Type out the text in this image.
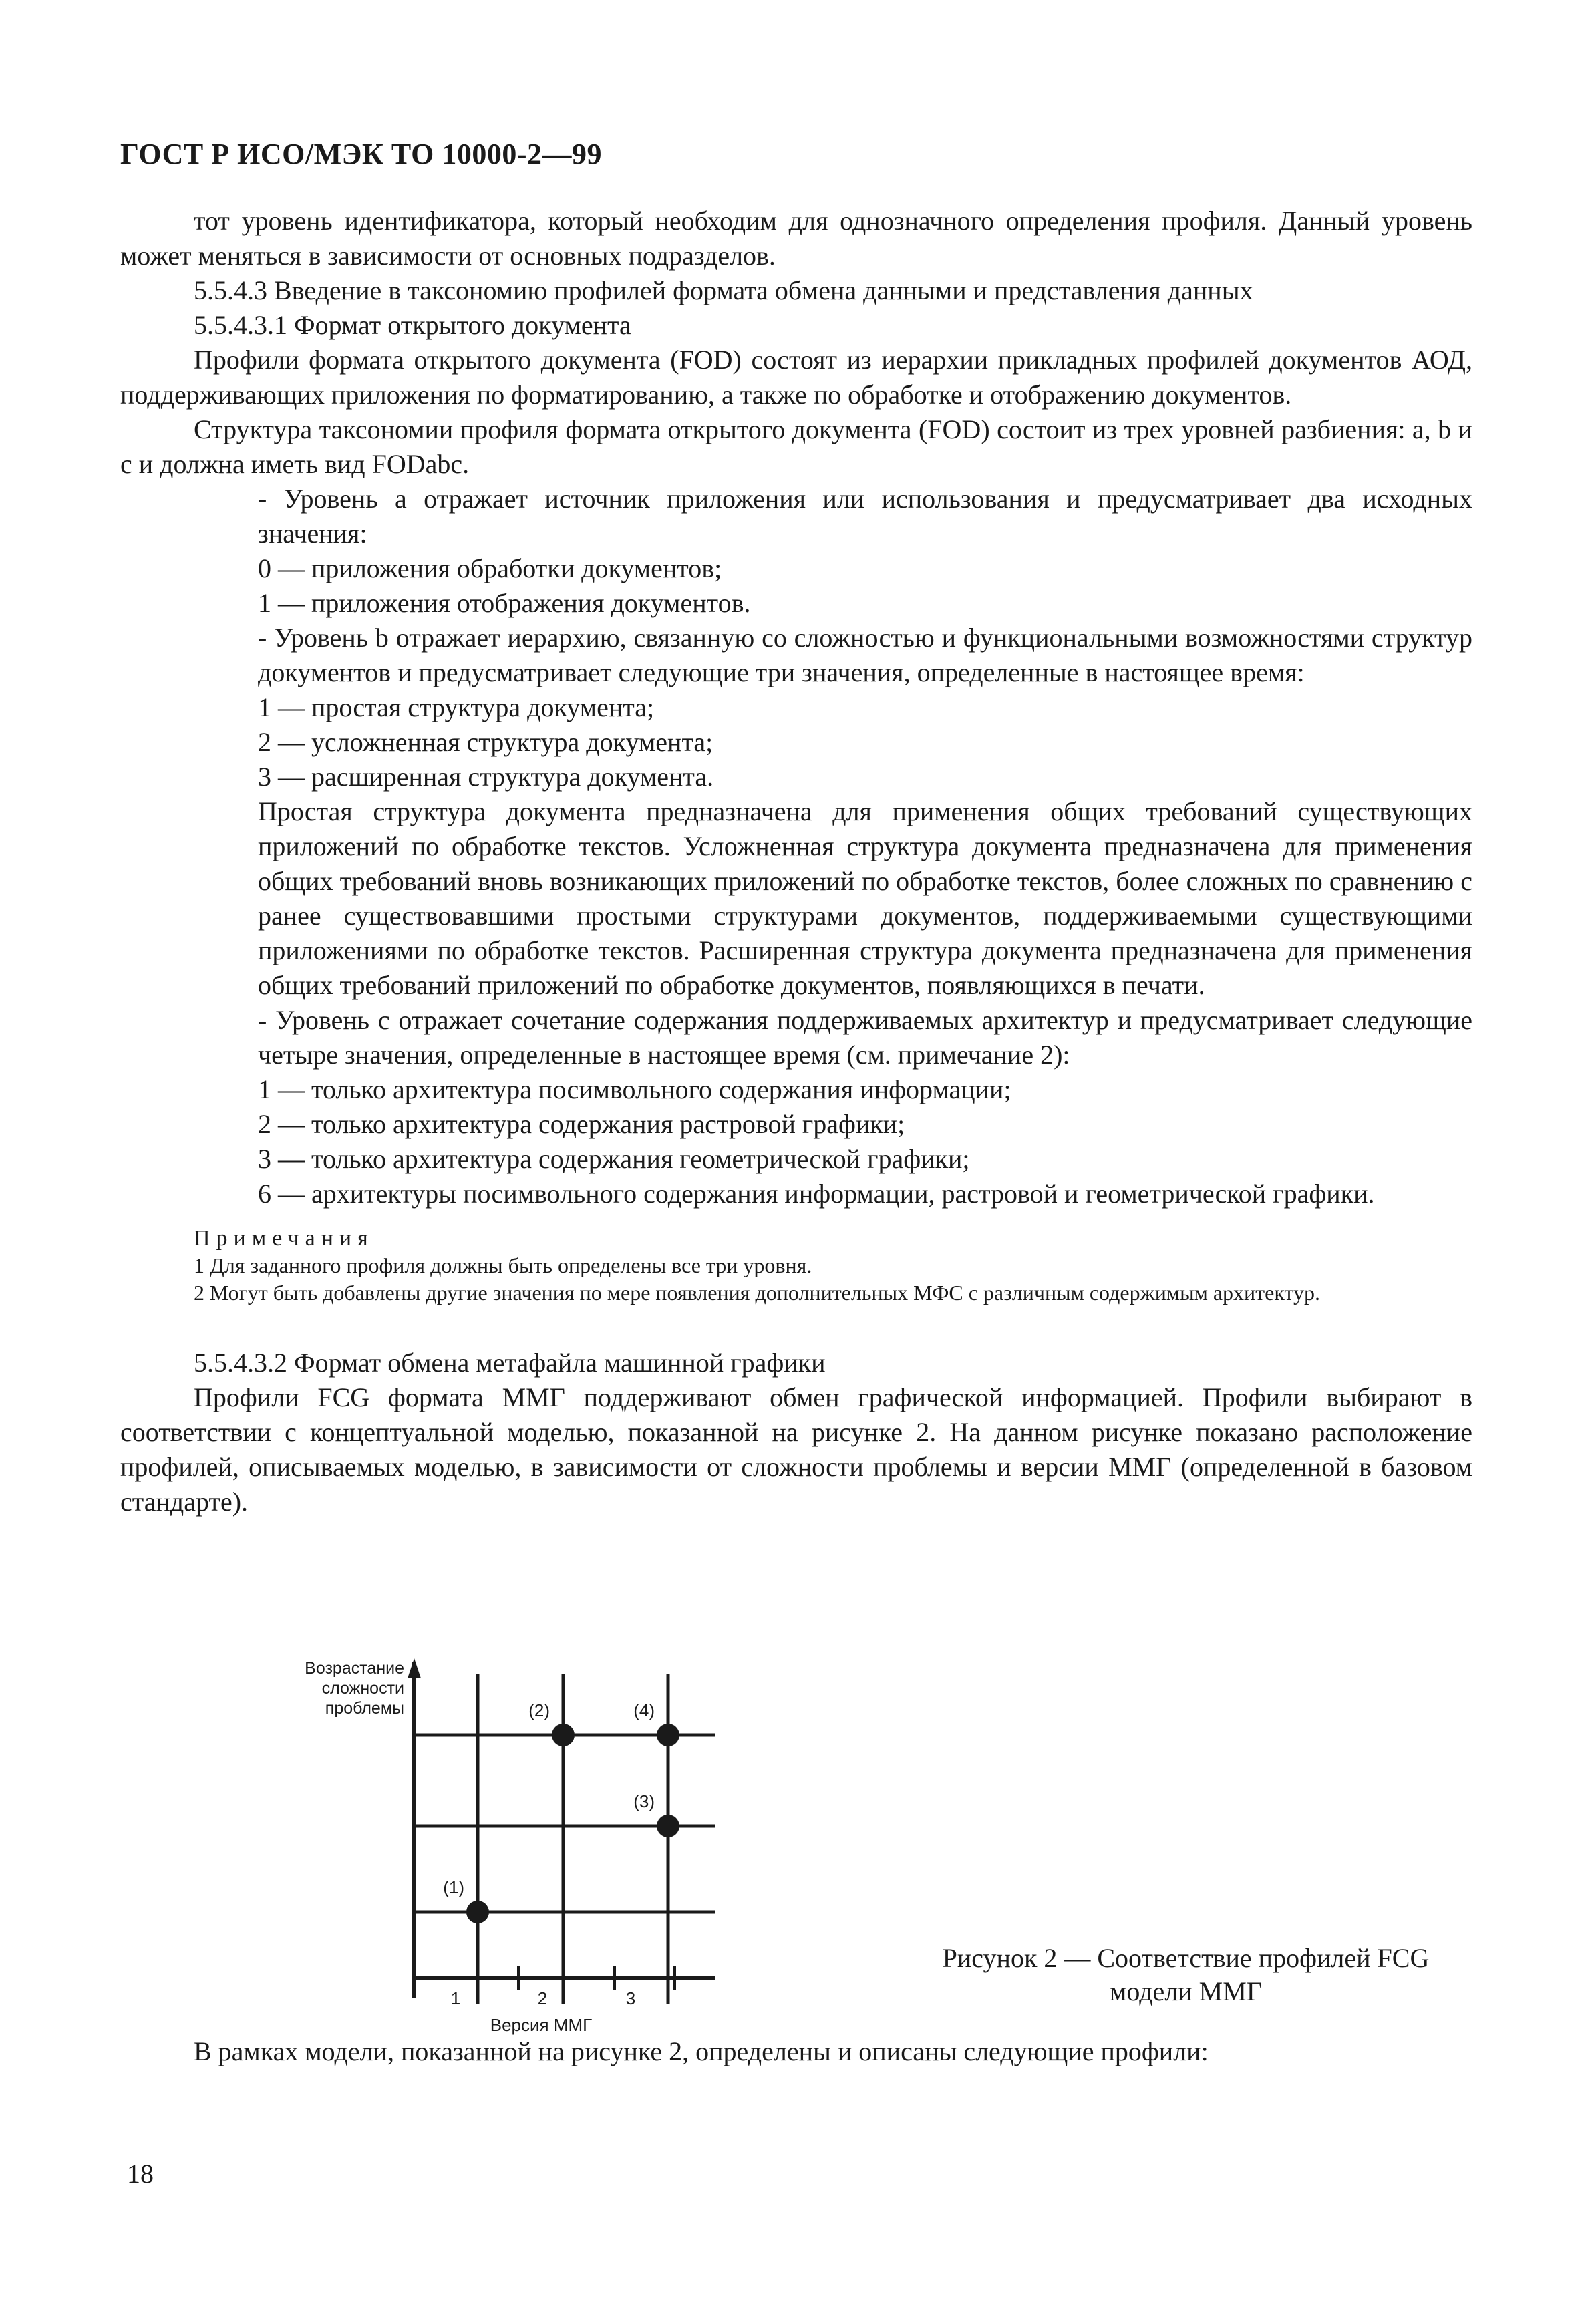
ГОСТ Р ИСО/МЭК ТО 10000-2—99

тот уровень идентификатора, который необходим для однозначного определения профиля. Данный уровень может меняться в зависимости от основных подразделов.

5.5.4.3 Введение в таксономию профилей формата обмена данными и представления данных

5.5.4.3.1 Формат открытого документа

Профили формата открытого документа (FOD) состоят из иерархии прикладных профилей документов АОД, поддерживающих приложения по форматированию, а также по обработке и отображению документов.

Структура таксономии профиля формата открытого документа (FOD) состоит из трех уровней разбиения: a, b и c и должна иметь вид FODabc.

- Уровень a отражает источник приложения или использования и предусматривает два исходных значения:

0 — приложения обработки документов;

1 — приложения отображения документов.

- Уровень b отражает иерархию, связанную со сложностью и функциональными возможностями структур документов и предусматривает следующие три значения, определенные в настоящее время:

1 — простая структура документа;

2 — усложненная структура документа;

3 — расширенная структура документа.

Простая структура документа предназначена для применения общих требований существующих приложений по обработке текстов. Усложненная структура документа предназначена для применения общих требований вновь возникающих приложений по обработке текстов, более сложных по сравнению с ранее существовавшими простыми структурами документов, поддерживаемыми существующими приложениями по обработке текстов. Расширенная структура документа предназначена для применения общих требований приложений по обработке документов, появляющихся в печати.

- Уровень c отражает сочетание содержания поддерживаемых архитектур и предусматривает следующие четыре значения, определенные в настоящее время (см. примечание 2):

1 — только архитектура посимвольного содержания информации;

2 — только архитектура содержания растровой графики;

3 — только архитектура содержания геометрической графики;

6 — архитектуры посимвольного содержания информации, растровой и геометрической графики.

Примечания

1 Для заданного профиля должны быть определены все три уровня.

2 Могут быть добавлены другие значения по мере появления дополнительных МФС с различным содержимым архитектур.

5.5.4.3.2 Формат обмена метафайла машинной графики

Профили FCG формата ММГ поддерживают обмен графической информацией. Профили выбирают в соответствии с концептуальной моделью, показанной на рисунке 2. На данном рисунке показано расположение профилей, описываемых моделью, в зависимости от сложности проблемы и версии ММГ (определенной в базовом стандарте).

1	2	3
Версия ММГ
Возрастание
сложности
проблемы
(1)
(2)
(3)
(4)
Рисунок 2 — Соответствие профилей FCG
модели ММГ

В рамках модели, показанной на рисунке 2, определены и описаны следующие профили:

18
